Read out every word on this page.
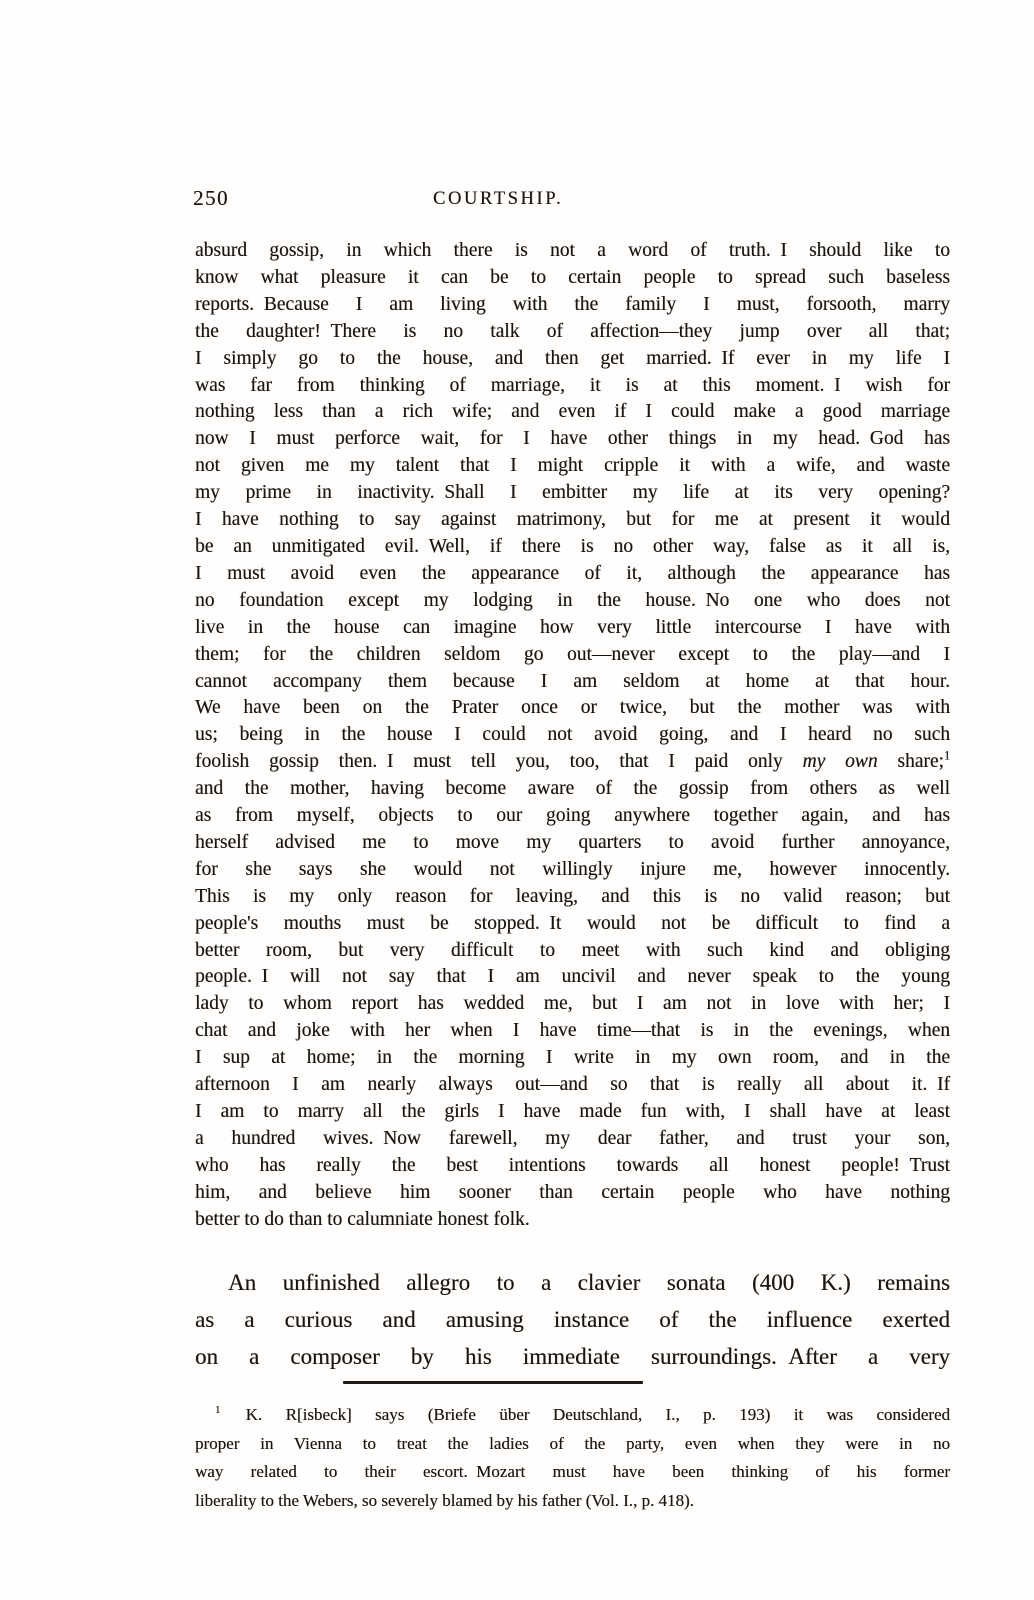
250	COURTSHIP.
absurd gossip, in which there is not a word of truth. I should like to
know what pleasure it can be to certain people to spread such baseless
reports. Because I am living with the family I must, forsooth, marry
the daughter! There is no talk of affection—they jump over all that;
I simply go to the house, and then get married. If ever in my life I
was far from thinking of marriage, it is at this moment. I wish for
nothing less than a rich wife; and even if I could make a good marriage
now I must perforce wait, for I have other things in my head. God has
not given me my talent that I might cripple it with a wife, and waste
my prime in inactivity. Shall I embitter my life at its very opening?
I have nothing to say against matrimony, but for me at present it would
be an unmitigated evil. Well, if there is no other way, false as it all is,
I must avoid even the appearance of it, although the appearance has
no foundation except my lodging in the house. No one who does not
live in the house can imagine how very little intercourse I have with
them; for the children seldom go out—never except to the play—and I
cannot accompany them because I am seldom at home at that hour.
We have been on the Prater once or twice, but the mother was with
us; being in the house I could not avoid going, and I heard no such
foolish gossip then. I must tell you, too, that I paid only my own share;$^1$
and the mother, having become aware of the gossip from others as well
as from myself, objects to our going anywhere together again, and has
herself advised me to move my quarters to avoid further annoyance,
for she says she would not willingly injure me, however innocently.
This is my only reason for leaving, and this is no valid reason; but
people's mouths must be stopped. It would not be difficult to find a
better room, but very difficult to meet with such kind and obliging
people. I will not say that I am uncivil and never speak to the young
lady to whom report has wedded me, but I am not in love with her; I
chat and joke with her when I have time—that is in the evenings, when
I sup at home; in the morning I write in my own room, and in the
afternoon I am nearly always out—and so that is really all about it. If
I am to marry all the girls I have made fun with, I shall have at least
a hundred wives. Now farewell, my dear father, and trust your son,
who has really the best intentions towards all honest people! Trust
him, and believe him sooner than certain people who have nothing
better to do than to calumniate honest folk.
An unfinished allegro to a clavier sonata (400 K.) remains
as a curious and amusing instance of the influence exerted
on a composer by his immediate surroundings. After a very
$^1$ K. R[isbeck] says (Briefe über Deutschland, I., p. 193) it was considered
proper in Vienna to treat the ladies of the party, even when they were in no
way related to their escort. Mozart must have been thinking of his former
liberality to the Webers, so severely blamed by his father (Vol. I., p. 418).
